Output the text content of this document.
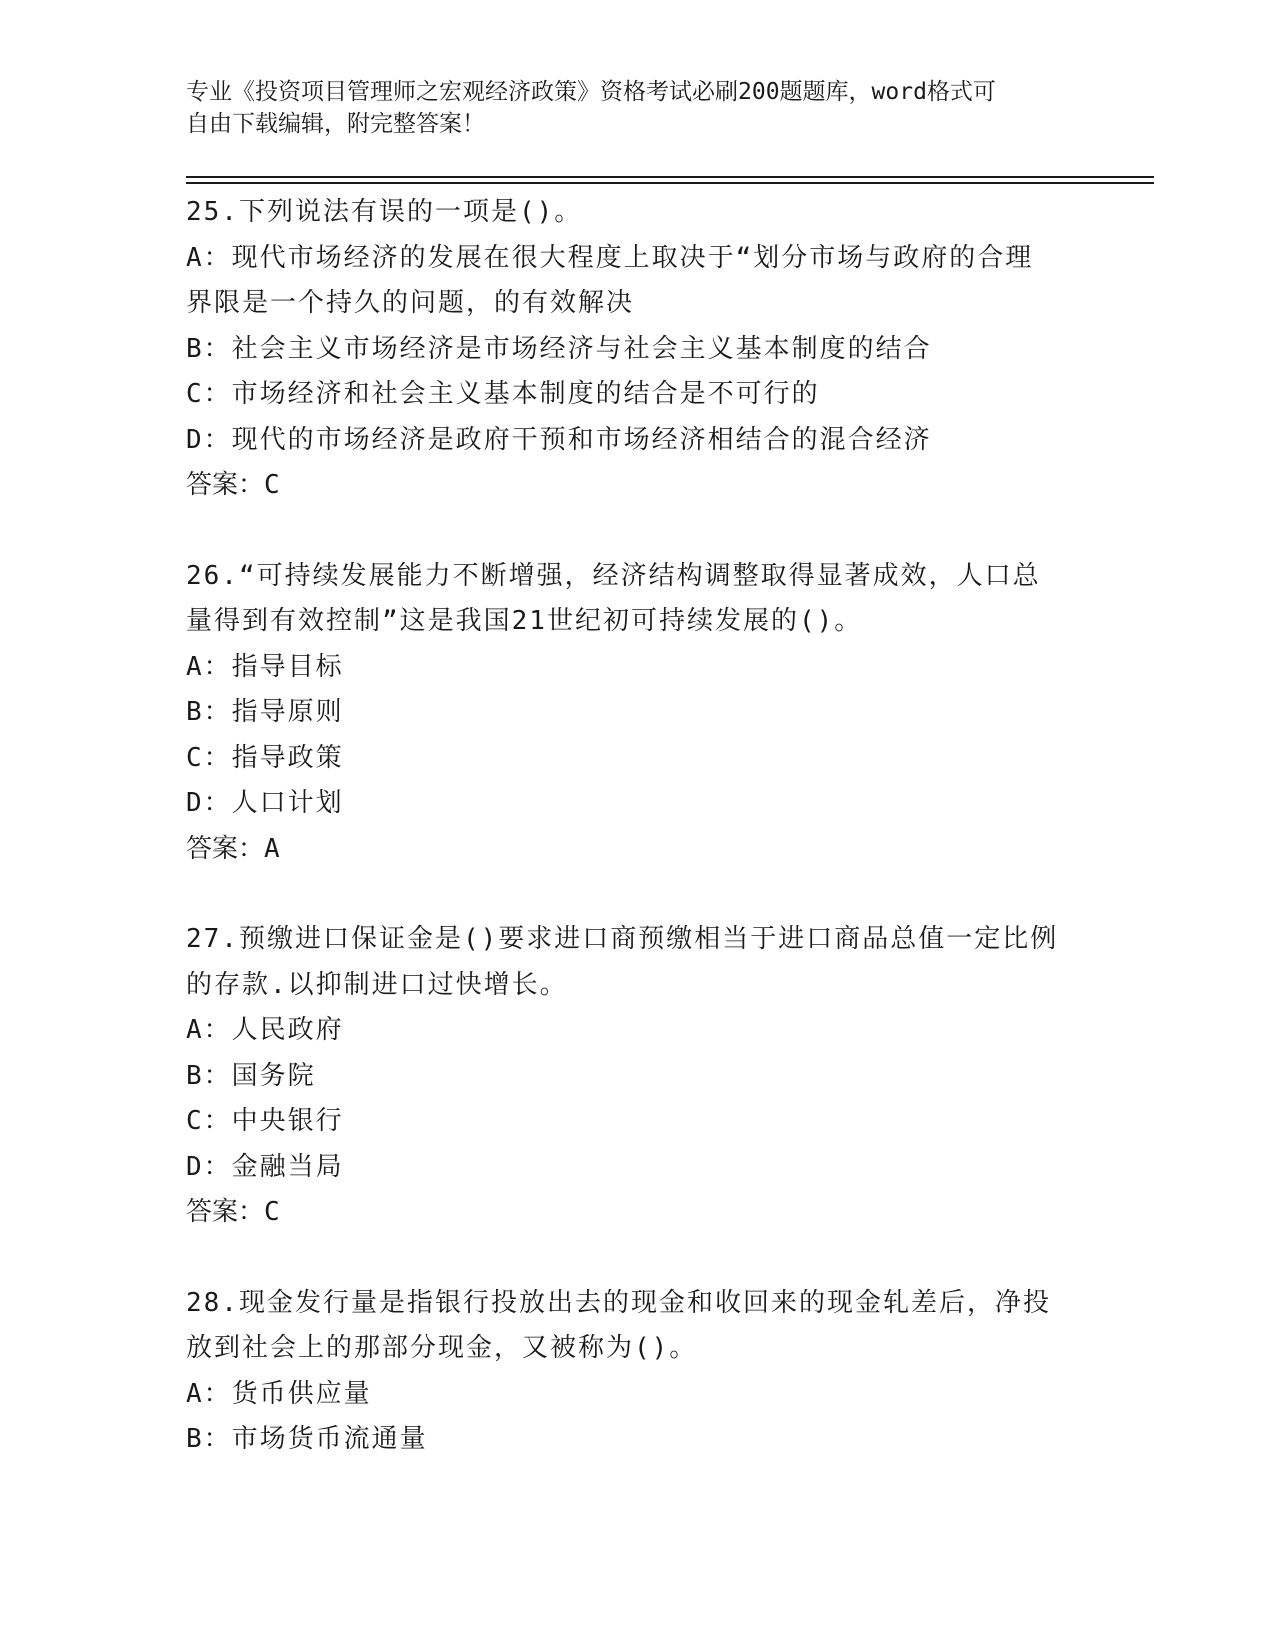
专业《投资项目管理师之宏观经济政策》资格考试必刷200题题库，word格式可
自由下载编辑，附完整答案！
25.下列说法有误的一项是()。
A：现代市场经济的发展在很大程度上取决于“划分市场与政府的合理
界限是一个持久的问题，的有效解决
B：社会主义市场经济是市场经济与社会主义基本制度的结合
C：市场经济和社会主义基本制度的结合是不可行的
D：现代的市场经济是政府干预和市场经济相结合的混合经济
答案：C
26.“可持续发展能力不断增强，经济结构调整取得显著成效，人口总
量得到有效控制”这是我国21世纪初可持续发展的()。
A：指导目标
B：指导原则
C：指导政策
D：人口计划
答案：A
27.预缴进口保证金是()要求进口商预缴相当于进口商品总值一定比例
的存款.以抑制进口过快增长。
A：人民政府
B：国务院
C：中央银行
D：金融当局
答案：C
28.现金发行量是指银行投放出去的现金和收回来的现金轧差后，净投
放到社会上的那部分现金，又被称为()。
A：货币供应量
B：市场货币流通量
